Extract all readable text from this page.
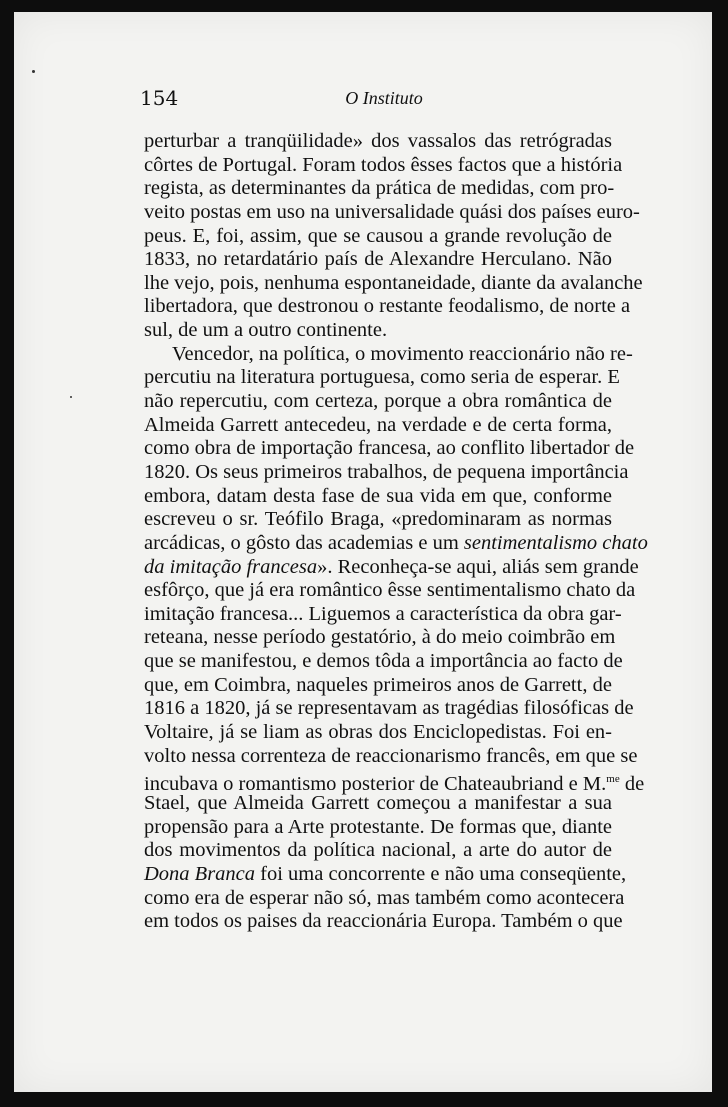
154	O Instituto
perturbar a tranqüilidade» dos vassalos das retrógradas
côrtes de Portugal. Foram todos êsses factos que a história
regista, as determinantes da prática de medidas, com pro-
veito postas em uso na universalidade quási dos países euro-
peus. E, foi, assim, que se causou a grande revolução de
1833, no retardatário país de Alexandre Herculano. Não
lhe vejo, pois, nenhuma espontaneidade, diante da avalanche
libertadora, que destronou o restante feodalismo, de norte a
sul, de um a outro continente.
Vencedor, na política, o movimento reaccionário não re-
percutiu na literatura portuguesa, como seria de esperar. E
não repercutiu, com certeza, porque a obra romântica de
Almeida Garrett antecedeu, na verdade e de certa forma,
como obra de importação francesa, ao conflito libertador de
1820. Os seus primeiros trabalhos, de pequena importância
embora, datam desta fase de sua vida em que, conforme
escreveu o sr. Teófilo Braga, «predominaram as normas
arcádicas, o gôsto das academias e um sentimentalismo chato
da imitação francesa». Reconheça-se aqui, aliás sem grande
esfôrço, que já era romântico êsse sentimentalismo chato da
imitação francesa... Liguemos a característica da obra gar-
reteana, nesse período gestatório, à do meio coimbrão em
que se manifestou, e demos tôda a importância ao facto de
que, em Coimbra, naqueles primeiros anos de Garrett, de
1816 a 1820, já se representavam as tragédias filosóficas de
Voltaire, já se liam as obras dos Enciclopedistas. Foi en-
volto nessa correnteza de reaccionarismo francês, em que se
incubava o romantismo posterior de Chateaubriand e M.$^{me}$ de
Stael, que Almeida Garrett começou a manifestar a sua
propensão para a Arte protestante. De formas que, diante
dos movimentos da política nacional, a arte do autor de
Dona Branca foi uma concorrente e não uma conseqüente,
como era de esperar não só, mas também como acontecera
em todos os paises da reaccionária Europa. Também o que
